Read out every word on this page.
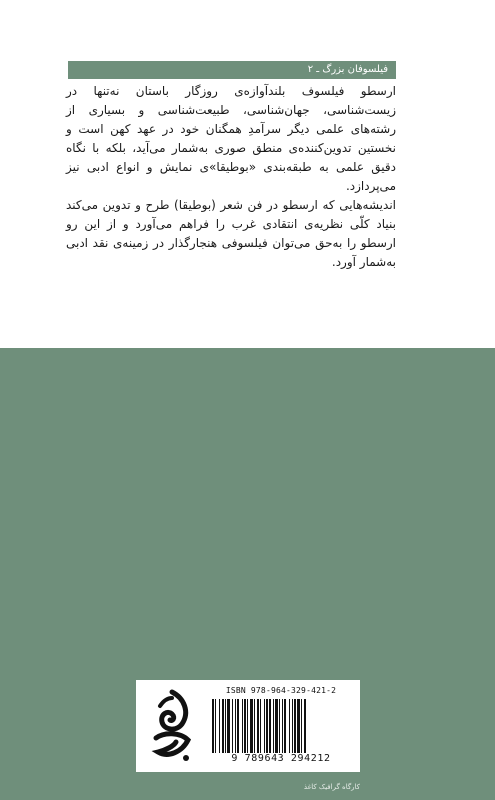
فیلسوفان بزرگ ـ ۲

ارسطو فیلسوف بلندآوازه‌ی روزگار باستان نه‌تنها در زیست‌شناسی، جهان‌شناسی، طبیعت‌شناسی و بسیاری از رشته‌های علمی دیگر سرآمدِ همگنان خود در عهد کهن است و نخستین تدوین‌کننده‌ی منطق صوری به‌شمار می‌آید، بلکه با نگاه دقیق علمی به طبقه‌بندی «بوطیقا»ی نمایش و انواع ادبی نیز می‌پردازد.

اندیشه‌هایی که ارسطو در فن شعر (بوطیقا) طرح و تدوین می‌کند بنیاد کلّی نظریه‌ی انتقادی غرب را فراهم می‌آورد و از این رو ارسطو را به‌حق می‌توان فیلسوفی هنجارگذار در زمینه‌ی نقد ادبی به‌شمار آورد.

ISBN 978-964-329-421-2
9 789643 294212
کارگاه گرافیک کاغذ
